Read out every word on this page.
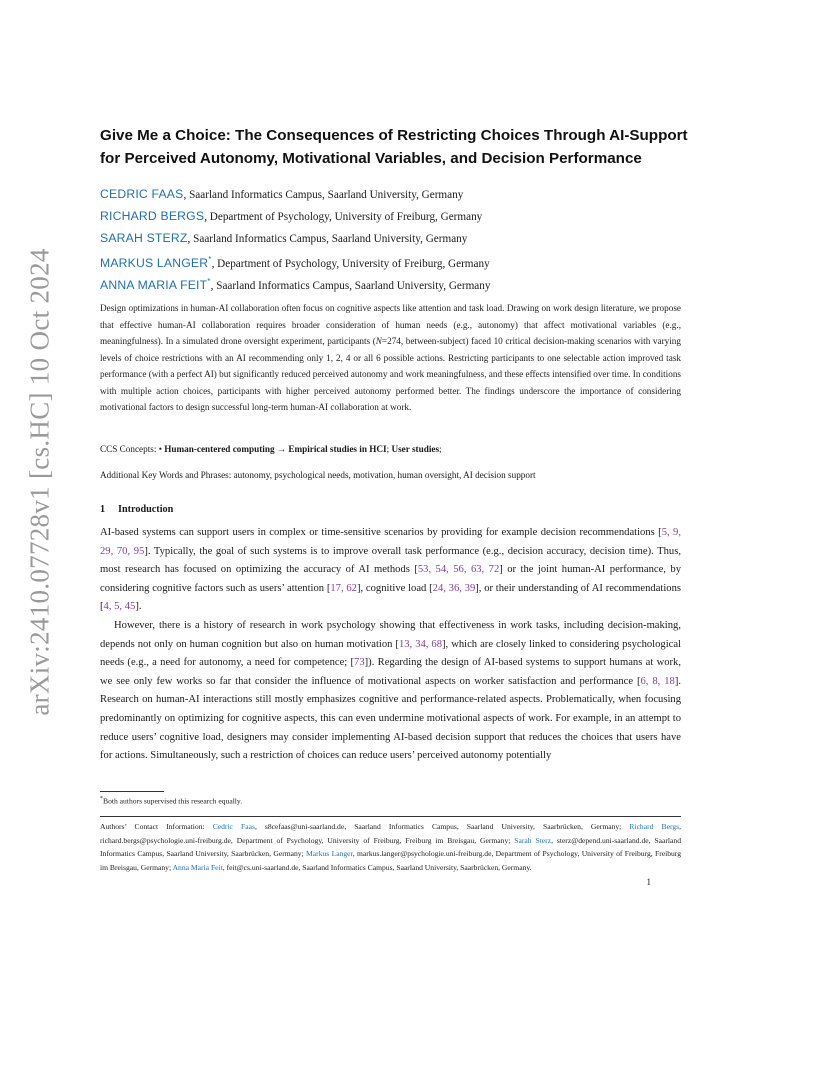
arXiv:2410.07728v1 [cs.HC] 10 Oct 2024
Give Me a Choice: The Consequences of Restricting Choices Through AI-Support
for Perceived Autonomy, Motivational Variables, and Decision Performance
CEDRIC FAAS, Saarland Informatics Campus, Saarland University, Germany
RICHARD BERGS, Department of Psychology, University of Freiburg, Germany
SARAH STERZ, Saarland Informatics Campus, Saarland University, Germany
MARKUS LANGER*, Department of Psychology, University of Freiburg, Germany
ANNA MARIA FEIT*, Saarland Informatics Campus, Saarland University, Germany
Design optimizations in human-AI collaboration often focus on cognitive aspects like attention and task load. Drawing on work design literature, we propose that effective human-AI collaboration requires broader consideration of human needs (e.g., autonomy) that affect motivational variables (e.g., meaningfulness). In a simulated drone oversight experiment, participants (N=274, between-subject) faced 10 critical decision-making scenarios with varying levels of choice restrictions with an AI recommending only 1, 2, 4 or all 6 possible actions. Restricting participants to one selectable action improved task performance (with a perfect AI) but significantly reduced perceived autonomy and work meaningfulness, and these effects intensified over time. In conditions with multiple action choices, participants with higher perceived autonomy performed better. The findings underscore the importance of considering motivational factors to design successful long-term human-AI collaboration at work.
CCS Concepts: • Human-centered computing → Empirical studies in HCI; User studies;
Additional Key Words and Phrases: autonomy, psychological needs, motivation, human oversight, AI decision support
1 Introduction
AI-based systems can support users in complex or time-sensitive scenarios by providing for example decision recommendations [5, 9, 29, 70, 95]. Typically, the goal of such systems is to improve overall task performance (e.g., decision accuracy, decision time). Thus, most research has focused on optimizing the accuracy of AI methods [53, 54, 56, 63, 72] or the joint human-AI performance, by considering cognitive factors such as users’ attention [17, 62], cognitive load [24, 36, 39], or their understanding of AI recommendations [4, 5, 45].
However, there is a history of research in work psychology showing that effectiveness in work tasks, including decision-making, depends not only on human cognition but also on human motivation [13, 34, 68], which are closely linked to considering psychological needs (e.g., a need for autonomy, a need for competence; [73]). Regarding the design of AI-based systems to support humans at work, we see only few works so far that consider the influence of motivational aspects on worker satisfaction and performance [6, 8, 18]. Research on human-AI interactions still mostly emphasizes cognitive and performance-related aspects. Problematically, when focusing predominantly on optimizing for cognitive aspects, this can even undermine motivational aspects of work. For example, in an attempt to reduce users’ cognitive load, designers may consider implementing AI-based decision support that reduces the choices that users have for actions. Simultaneously, such a restriction of choices can reduce users’ perceived autonomy potentially
*Both authors supervised this research equally.
Authors’ Contact Information: Cedric Faas, s8cefaas@uni-saarland.de, Saarland Informatics Campus, Saarland University, Saarbrücken, Germany; Richard Bergs, richard.bergs@psychologie.uni-freiburg.de, Department of Psychology, University of Freiburg, Freiburg im Breisgau, Germany; Sarah Sterz, sterz@depend.uni-saarland.de, Saarland Informatics Campus, Saarland University, Saarbrücken, Germany; Markus Langer, markus.langer@psychologie.uni-freiburg.de, Department of Psychology, University of Freiburg, Freiburg im Breisgau, Germany; Anna Maria Feit, feit@cs.uni-saarland.de, Saarland Informatics Campus, Saarland University, Saarbrücken, Germany.
1
